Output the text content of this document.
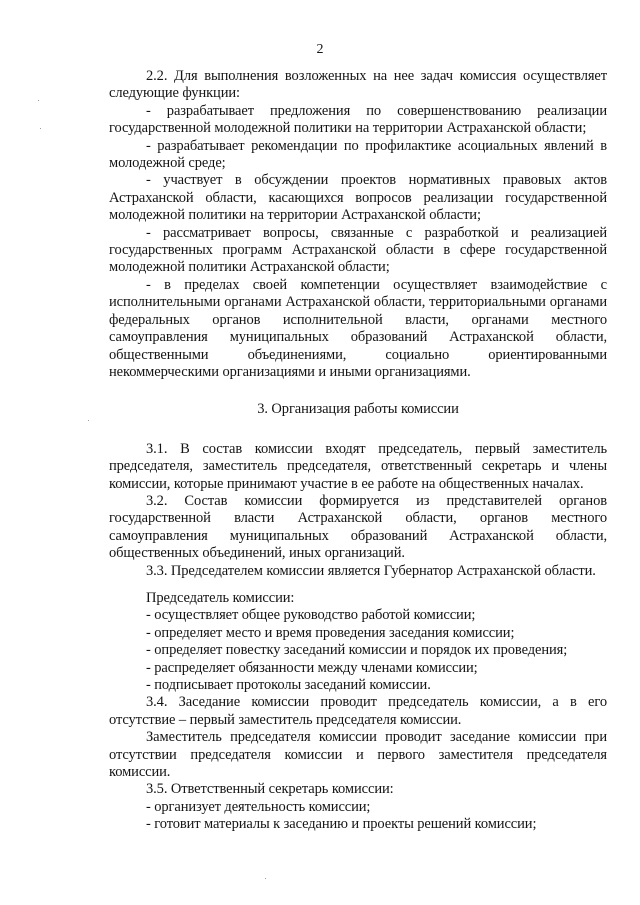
2

2.2. Для выполнения возложенных на нее задач комиссия осуществляет следующие функции:

- разрабатывает предложения по совершенствованию реализации государственной молодежной политики на территории Астраханской области;

- разрабатывает рекомендации по профилактике асоциальных явлений в молодежной среде;

- участвует в обсуждении проектов нормативных правовых актов Астраханской области, касающихся вопросов реализации государственной молодежной политики на территории Астраханской области;

- рассматривает вопросы, связанные с разработкой и реализацией государственных программ Астраханской области в сфере государственной молодежной политики Астраханской области;

- в пределах своей компетенции осуществляет взаимодействие с исполнительными органами Астраханской области, территориальными органами федеральных органов исполнительной власти, органами местного самоуправления муниципальных образований Астраханской области, общественными объединениями, социально ориентированными некоммерческими организациями и иными организациями.

3. Организация работы комиссии

3.1. В состав комиссии входят председатель, первый заместитель председателя, заместитель председателя, ответственный секретарь и члены комиссии, которые принимают участие в ее работе на общественных началах.

3.2. Состав комиссии формируется из представителей органов государственной власти Астраханской области, органов местного самоуправления муниципальных образований Астраханской области, общественных объединений, иных организаций.

3.3. Председателем комиссии является Губернатор Астраханской области.

Председатель комиссии:

- осуществляет общее руководство работой комиссии;

- определяет место и время проведения заседания комиссии;

- определяет повестку заседаний комиссии и порядок их проведения;

- распределяет обязанности между членами комиссии;

- подписывает протоколы заседаний комиссии.

3.4. Заседание комиссии проводит председатель комиссии, а в его отсутствие – первый заместитель председателя комиссии.

Заместитель председателя комиссии проводит заседание комиссии при отсутствии председателя комиссии и первого заместителя председателя комиссии.

3.5. Ответственный секретарь комиссии:

- организует деятельность комиссии;

- готовит материалы к заседанию и проекты решений комиссии;
